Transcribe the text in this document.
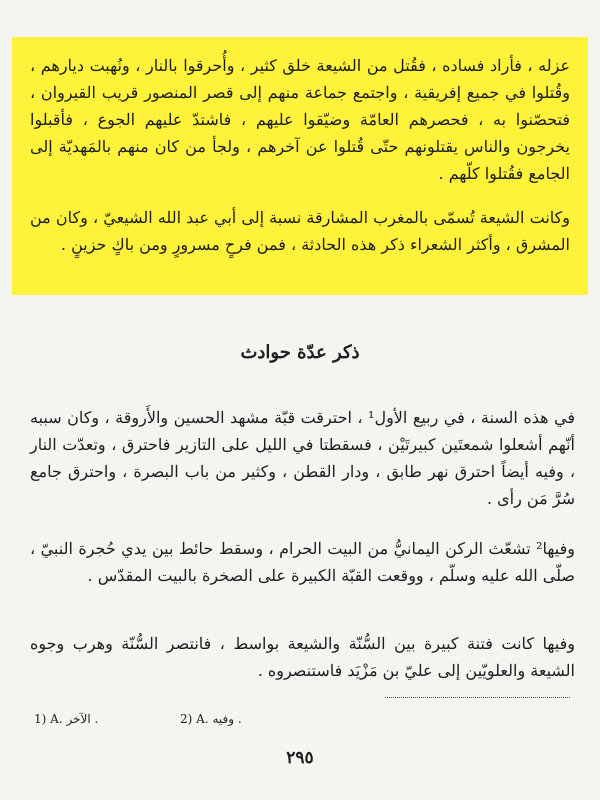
عزله ، فأراد فساده ، فقُتل من الشيعة خلق كثير ، وأُحرقوا بالنار ، ونُهبت ديارهم ، وقُتلوا في جميع إفريقية ، واجتمع جماعة منهم إلى قصر المنصور قريب القيروان ، فتحصّنوا به ، فحصرهم العامّة وضيّقوا عليهم ، فاشتدّ عليهم الجوع ، فأقبلوا يخرجون والناس يقتلونهم حتّى قُتلوا عن آخرهم ، ولجأ من كان منهم بالمَهديّة إلى الجامع فقُتلوا كلّهم .

وكانت الشيعة تُسمّى بالمغرب المشارقة نسبة إلى أبي عبد الله الشيعيّ ، وكان من المشرق ، وأكثر الشعراء ذكر هذه الحادثة ، فمن فرحٍ مسرورٍ ومن باكٍ حزينٍ .

ذكر عدّة حوادث

في هذه السنة ، في ربيع الأول¹ ، احترقت قبّة مشهد الحسين والأَروقة ، وكان سببه أنّهم أشعلوا شمعتَين كبيرتَيْن ، فسقطتا في الليل على التازير فاحترق ، وتعدّت النار ، وفيه أيضاً احترق نهر طابق ، ودار القطن ، وكثير من باب البصرة ، واحترق جامع سُرَّ مَن رأى .

وفيها² تشعّث الركن اليمانيُّ من البيت الحرام ، وسقط حائط بين يدي حُجرة النبيّ ، صلّى الله عليه وسلّم ، ووقعت القبّة الكبيرة على الصخرة بالبيت المقدّس .

وفيها كانت فتنة كبيرة بين السُّنّة والشيعة بواسط ، فانتصر السُّنّة وهرب وجوه الشيعة والعلويّين إلى عليّ بن مَزْيَد فاستنصروه .

1) A. الآخر .	2) A. وفيه .
٢٩٥
